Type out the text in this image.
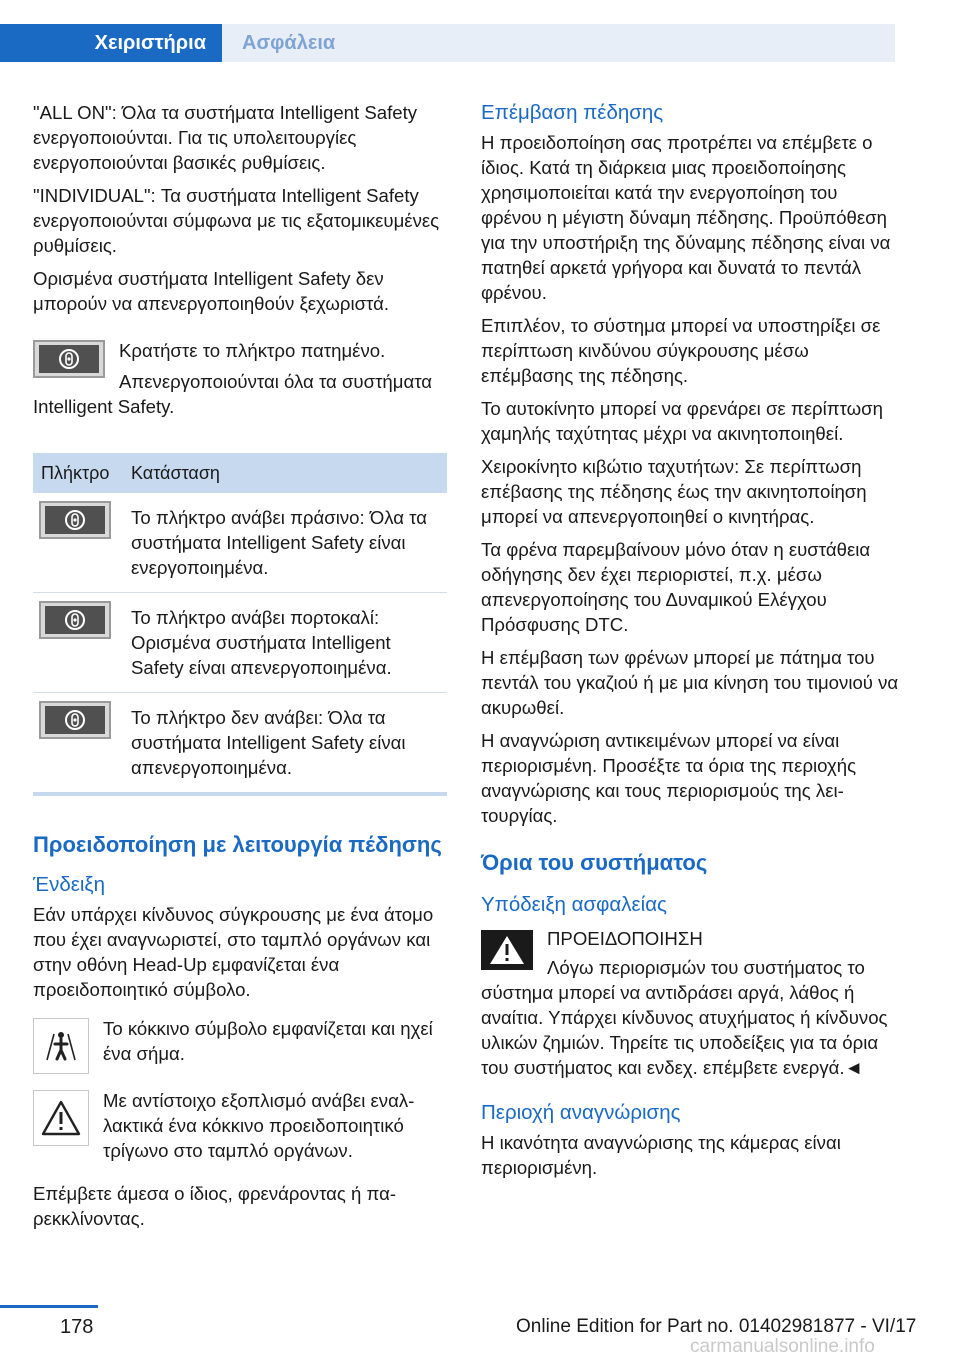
Χειριστήρια	Ασφάλεια

"ALL ON": Όλα τα συστήματα Intelligent Safety ενεργοποιούνται. Για τις υπολειτουργίες ενεργοποιούνται βασικές ρυθμίσεις.

"INDIVIDUAL": Τα συστήματα Intelligent Safety ενεργοποιούνται σύμφωνα με τις εξατομικευμένες ρυθμίσεις.

Ορισμένα συστήματα Intelligent Safety δεν μπορούν να απενεργοποιηθούν ξεχωριστά.

Κρατήστε το πλήκτρο πατημένο.

Απενεργοποιούνται όλα τα συστήματα Intelligent Safety.

Πλήκτρο	Κατάσταση

	Το πλήκτρο ανάβει πράσινο: Όλα τα συστήματα Intelligent Safety είναι ενεργοποιημένα.

	Το πλήκτρο ανάβει πορτοκαλί: Ορισμένα συστήματα Intelligent Safety είναι απενεργοποιημένα.

	Το πλήκτρο δεν ανάβει: Όλα τα συστήματα Intelligent Safety είναι απενεργοποιημένα.
Προειδοποίηση με λειτουργία πέδησης
Ένδειξη

Εάν υπάρχει κίνδυνος σύγκρουσης με ένα άτομο που έχει αναγνωριστεί, στο ταμπλό οργάνων και στην οθόνη Head-Up εμφανίζεται ένα προειδοποιητικό σύμβολο.

Το κόκκινο σύμβολο εμφανίζεται και ηχεί ένα σήμα.
Με αντίστοιχο εξοπλισμό ανάβει εναλλακτικά ένα κόκκινο προειδοποιητικό τρίγωνο στο ταμπλό οργάνων.

Επέμβετε άμεσα ο ίδιος, φρενάροντας ή παρεκκλίνοντας.

Επέμβαση πέδησης

Η προειδοποίηση σας προτρέπει να επέμβετε ο ίδιος. Κατά τη διάρκεια μιας προειδοποίησης χρησιμοποιείται κατά την ενεργοποίηση του φρένου η μέγιστη δύναμη πέδησης. Προϋπόθεση για την υποστήριξη της δύναμης πέδησης είναι να πατηθεί αρκετά γρήγορα και δυνατά το πεντάλ φρένου.

Επιπλέον, το σύστημα μπορεί να υποστηρίξει σε περίπτωση κινδύνου σύγκρουσης μέσω επέμβασης της πέδησης.

Το αυτοκίνητο μπορεί να φρενάρει σε περίπτωση χαμηλής ταχύτητας μέχρι να ακινητοποιηθεί.

Χειροκίνητο κιβώτιο ταχυτήτων: Σε περίπτωση επέβασης της πέδησης έως την ακινητοποίηση μπορεί να απενεργοποιηθεί ο κινητήρας.

Τα φρένα παρεμβαίνουν μόνο όταν η ευστάθεια οδήγησης δεν έχει περιοριστεί, π.χ. μέσω απενεργοποίησης του Δυναμικού Ελέγχου Πρόσφυσης DTC.

Η επέμβαση των φρένων μπορεί με πάτημα του πεντάλ του γκαζιού ή με μια κίνηση του τιμονιού να ακυρωθεί.

Η αναγνώριση αντικειμένων μπορεί να είναι περιορισμένη. Προσέξτε τα όρια της περιοχής αναγνώρισης και τους περιορισμούς της λειτουργίας.

Όρια του συστήματος
Υπόδειξη ασφαλείας

ΠΡΟΕΙΔΟΠΟΙΗΣΗ

Λόγω περιορισμών του συστήματος το σύστημα μπορεί να αντιδράσει αργά, λάθος ή αναίτια. Υπάρχει κίνδυνος ατυχήματος ή κίνδυνος υλικών ζημιών. Τηρείτε τις υποδείξεις για τα όρια του συστήματος και ενδεχ. επέμβετε ενεργά.◄

Περιοχή αναγνώρισης

Η ικανότητα αναγνώρισης της κάμερας είναι περιορισμένη.

178	Online Edition for Part no. 01402981877 - VI/17
carmanualsonline.info
